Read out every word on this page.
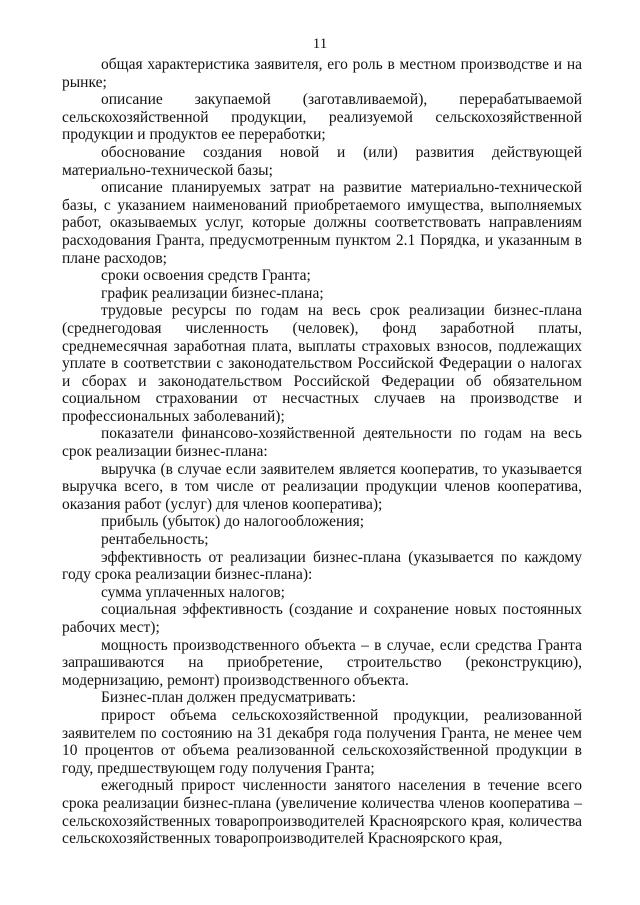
11

общая характеристика заявителя, его роль в местном производстве и на рынке;

описание закупаемой (заготавливаемой), перерабатываемой сельскохозяйственной продукции, реализуемой сельскохозяйственной продукции и продуктов ее переработки;

обоснование создания новой и (или) развития действующей материально-технической базы;

описание планируемых затрат на развитие материально-технической базы, с указанием наименований приобретаемого имущества, выполняемых работ, оказываемых услуг, которые должны соответствовать направлениям расходования Гранта, предусмотренным пунктом 2.1 Порядка, и указанным в плане расходов;

сроки освоения средств Гранта;

график реализации бизнес-плана;

трудовые ресурсы по годам на весь срок реализации бизнес-плана (среднегодовая численность (человек), фонд заработной платы, среднемесячная заработная плата, выплаты страховых взносов, подлежащих уплате в соответствии с законодательством Российской Федерации о налогах и сборах и законодательством Российской Федерации об обязательном социальном страховании от несчастных случаев на производстве и профессиональных заболеваний);

показатели финансово-хозяйственной деятельности по годам на весь срок реализации бизнес-плана:

выручка (в случае если заявителем является кооператив, то указывается выручка всего, в том числе от реализации продукции членов кооператива, оказания работ (услуг) для членов кооператива);

прибыль (убыток) до налогообложения;

рентабельность;

эффективность от реализации бизнес-плана (указывается по каждому году срока реализации бизнес-плана):

сумма уплаченных налогов;

социальная эффективность (создание и сохранение новых постоянных рабочих мест);

мощность производственного объекта – в случае, если средства Гранта запрашиваются на приобретение, строительство (реконструкцию), модернизацию, ремонт) производственного объекта.

Бизнес-план должен предусматривать:

прирост объема сельскохозяйственной продукции, реализованной заявителем по состоянию на 31 декабря года получения Гранта, не менее чем 10 процентов от объема реализованной сельскохозяйственной продукции в году, предшествующем году получения Гранта;

ежегодный прирост численности занятого населения в течение всего срока реализации бизнес-плана (увеличение количества членов кооператива – сельскохозяйственных товаропроизводителей Красноярского края, количества сельскохозяйственных товаропроизводителей Красноярского края,
